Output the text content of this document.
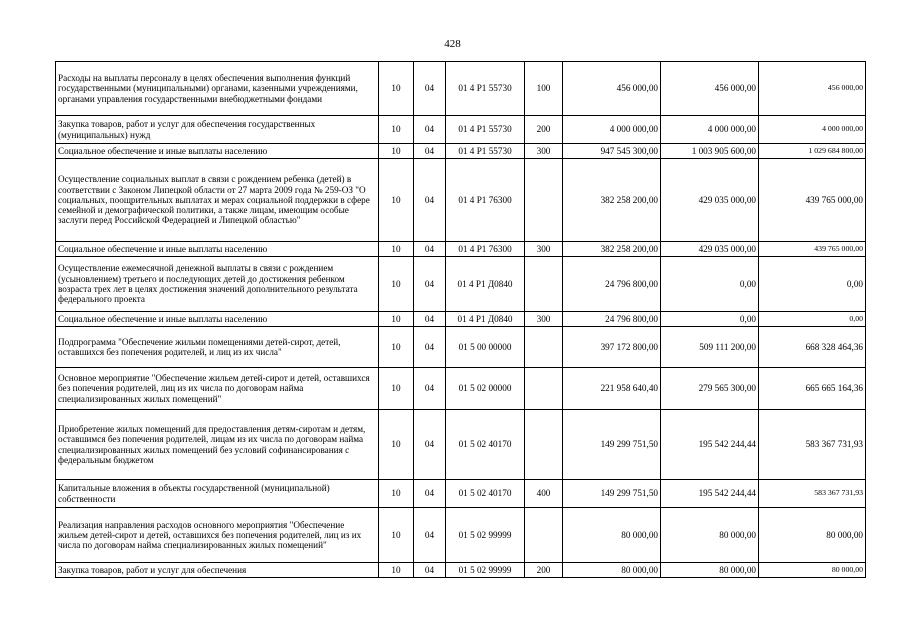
428
Расходы на выплаты персоналу в целях обеспечения выполнения функций государственными (муниципальными) органами, казенными учреждениями, органами управления государственными внебюджетными фондами	10	04	01 4 Р1 55730	100	456 000,00	456 000,00	456 000,00
Закупка товаров, работ и услуг для обеспечения государственных (муниципальных) нужд	10	04	01 4 Р1 55730	200	4 000 000,00	4 000 000,00	4 000 000,00
Социальное обеспечение и иные выплаты населению	10	04	01 4 Р1 55730	300	947 545 300,00	1 003 905 600,00	1 029 684 800,00
Осуществление социальных выплат в связи с рождением ребенка (детей) в соответствии с Законом Липецкой области от 27 марта 2009 года № 259-ОЗ "О социальных, поощрительных выплатах и мерах социальной поддержки в сфере семейной и демографической политики, а также лицам, имеющим особые заслуги перед Российской Федерацией и Липецкой областью"	10	04	01 4 Р1 76300		382 258 200,00	429 035 000,00	439 765 000,00
Социальное обеспечение и иные выплаты населению	10	04	01 4 Р1 76300	300	382 258 200,00	429 035 000,00	439 765 000,00
Осуществление ежемесячной денежной выплаты в связи с рождением (усыновлением) третьего и последующих детей до достижения ребенком возраста трех лет в целях достижения значений дополнительного результата федерального проекта	10	04	01 4 Р1 Д0840		24 796 800,00	0,00	0,00
Социальное обеспечение и иные выплаты населению	10	04	01 4 Р1 Д0840	300	24 796 800,00	0,00	0,00
Подпрограмма "Обеспечение жильми помещениями детей-сирот, детей, оставшихся без попечения родителей, и лиц из их числа"	10	04	01 5 00 00000		397 172 800,00	509 111 200,00	668 328 464,36
Основное мероприятие "Обеспечение жильем детей-сирот и детей, оставшихся без попечения родителей, лиц из их числа по договорам найма специализированных жилых помещений"	10	04	01 5 02 00000		221 958 640,40	279 565 300,00	665 665 164,36
Приобретение жилых помещений для предоставления детям-сиротам и детям, оставшимся без попечения родителей, лицам из их числа по договорам найма специализированных жилых помещений без условий софинансирования с федеральным бюджетом	10	04	01 5 02 40170		149 299 751,50	195 542 244,44	583 367 731,93
Капитальные вложения в объекты государственной (муниципальной) собственности	10	04	01 5 02 40170	400	149 299 751,50	195 542 244,44	583 367 731,93
Реализация направления расходов основного мероприятия "Обеспечение жильем детей-сирот и детей, оставшихся без попечения родителей, лиц из их числа по договорам найма специализированных жилых помещений"	10	04	01 5 02 99999		80 000,00	80 000,00	80 000,00
Закупка товаров, работ и услуг для обеспечения	10	04	01 5 02 99999	200	80 000,00	80 000,00	80 000,00
